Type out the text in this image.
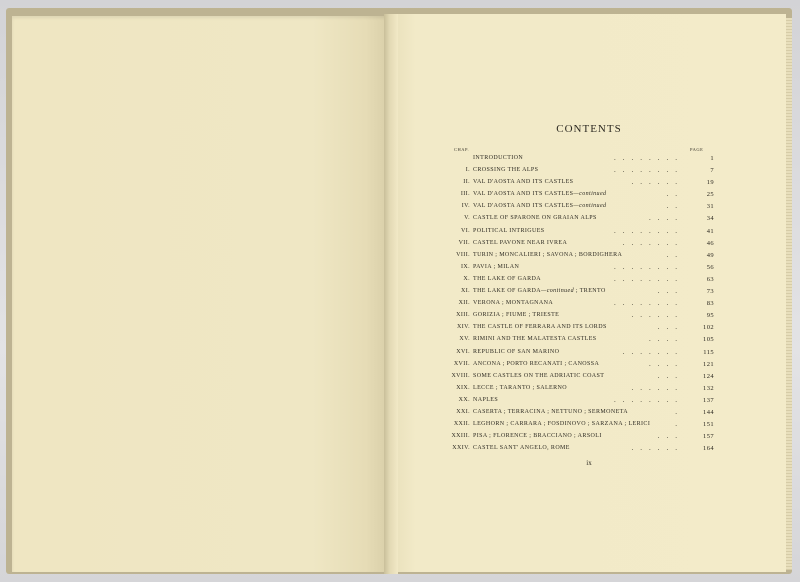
CONTENTS
CHAP.	PAGE
INTRODUCTION	........	1
I. CROSSING THE ALPS	........	7
II. VAL D'AOSTA AND ITS CASTLES	......	19
III. VAL D'AOSTA AND ITS CASTLES—continued	..	25
IV. VAL D'AOSTA AND ITS CASTLES—continued	..	31
V. CASTLE OF SPARONE ON GRAIAN ALPS	....	34
VI. POLITICAL INTRIGUES	........	41
VII. CASTEL PAVONE NEAR IVREA	.......	46
VIII. TURIN ; MONCALIERI ; SAVONA ; BORDIGHERA	..	49
IX. PAVIA ; MILAN	........	56
X. THE LAKE OF GARDA	........	63
XI. THE LAKE OF GARDA—continued ; TRENTO	...	73
XII. VERONA ; MONTAGNANA	........	83
XIII. GORIZIA ; FIUME ; TRIESTE	......	95
XIV. THE CASTLE OF FERRARA AND ITS LORDS	...	102
XV. RIMINI AND THE MALATESTA CASTLES	....	105
XVI. REPUBLIC OF SAN MARINO	.......	115
XVII. ANCONA ; PORTO RECANATI ; CANOSSA	....	121
XVIII. SOME CASTLES ON THE ADRIATIC COAST	...	124
XIX. LECCE ; TARANTO ; SALERNO	......	132
XX. NAPLES	........	137
XXI. CASERTA ; TERRACINA ; NETTUNO ; SERMONETA	.	144
XXII. LEGHORN ; CARRARA ; FOSDINOVO ; SARZANA ; LERICI	.	151
XXIII. PISA ; FLORENCE ; BRACCIANO ; ARSOLI	...	157
XXIV. CASTEL SANT' ANGELO, ROME	......	164
ix
